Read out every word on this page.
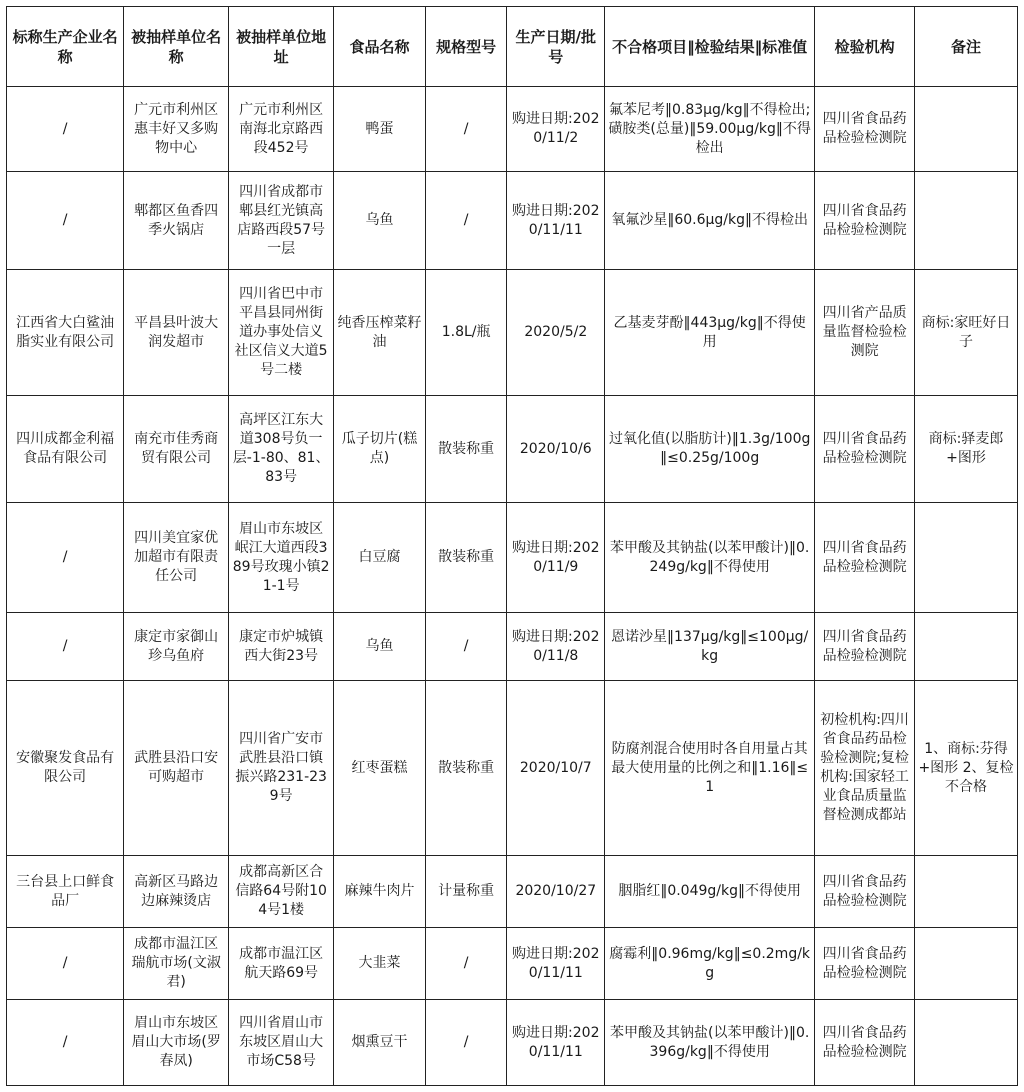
标称生产企业名称	被抽样单位名称	被抽样单位地址	食品名称	规格型号	生产日期/批号	不合格项目‖检验结果‖标准值	检验机构	备注
/	广元市利州区惠丰好又多购物中心	广元市利州区南海北京路西段452号	鸭蛋	/	购进日期:2020/11/2	氟苯尼考‖0.83μg/kg‖不得检出;磺胺类(总量)‖59.00μg/kg‖不得检出	四川省食品药品检验检测院	
/	郫都区鱼香四季火锅店	四川省成都市郫县红光镇高店路西段57号一层	乌鱼	/	购进日期:2020/11/11	氧氟沙星‖60.6μg/kg‖不得检出	四川省食品药品检验检测院	
江西省大白鲨油脂实业有限公司	平昌县叶波大润发超市	四川省巴中市平昌县同州街道办事处信义社区信义大道5号二楼	纯香压榨菜籽油	1.8L/瓶	2020/5/2	乙基麦芽酚‖443μg/kg‖不得使用	四川省产品质量监督检验检测院	商标:家旺好日子
四川成都金利福食品有限公司	南充市佳秀商贸有限公司	高坪区江东大道308号负一层-1-80、81、83号	瓜子切片(糕点)	散装称重	2020/10/6	过氧化值(以脂肪计)‖1.3g/100g‖≤0.25g/100g	四川省食品药品检验检测院	商标:驿麦郎+图形
/	四川美宜家优加超市有限责任公司	眉山市东坡区岷江大道西段389号玫瑰小镇21-1号	白豆腐	散装称重	购进日期:2020/11/9	苯甲酸及其钠盐(以苯甲酸计)‖0.249g/kg‖不得使用	四川省食品药品检验检测院	
/	康定市家御山珍乌鱼府	康定市炉城镇西大街23号	乌鱼	/	购进日期:2020/11/8	恩诺沙星‖137μg/kg‖≤100μg/kg	四川省食品药品检验检测院	
安徽聚发食品有限公司	武胜县沿口安可购超市	四川省广安市武胜县沿口镇振兴路231-239号	红枣蛋糕	散装称重	2020/10/7	防腐剂混合使用时各自用量占其最大使用量的比例之和‖1.16‖≤1	初检机构:四川省食品药品检验检测院;复检机构:国家轻工业食品质量监督检测成都站	1、商标:芬得+图形 2、复检不合格
三台县上口鲜食品厂	高新区马路边边麻辣烫店	成都高新区合信路64号附104号1楼	麻辣牛肉片	计量称重	2020/10/27	胭脂红‖0.049g/kg‖不得使用	四川省食品药品检验检测院	
/	成都市温江区瑞航市场(文淑君)	成都市温江区航天路69号	大韭菜	/	购进日期:2020/11/11	腐霉利‖0.96mg/kg‖≤0.2mg/kg	四川省食品药品检验检测院	
/	眉山市东坡区眉山大市场(罗春凤)	四川省眉山市东坡区眉山大市场C58号	烟熏豆干	/	购进日期:2020/11/11	苯甲酸及其钠盐(以苯甲酸计)‖0.396g/kg‖不得使用	四川省食品药品检验检测院	
